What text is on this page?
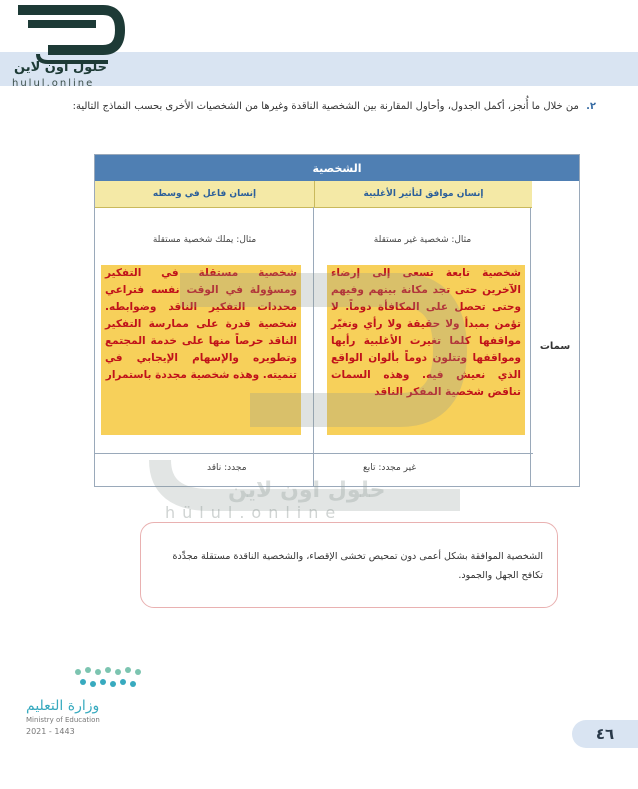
حلول اون لاين
hulul.online
٢. من خلال ما أُنجز، أكمل الجدول، وأحاول المقارنة بين الشخصية الناقدة وغيرها من الشخصيات الأخرى بحسب النماذج التالية:
الشخصية
سمات
إنسان موافق لتأثير الأغلبية
إنسان فاعل في وسطه
مثال: شخصية غير مستقلة
مثال: يملك شخصية مستقلة
شخصية تابعة تسعى إلى إرضاء الآخرين حتى تجد مكانة بينهم وفيهم وحتى تحصل على المكافأة دوماً. لا تؤمن بمبدأ ولا حقيقة ولا رأي وتغيّر مواقفها كلما تغيرت الأغلبية رأيها ومواقفها وتتلون دوماً بألوان الواقع الذي نعيش فيه. وهذه السمات تناقض شخصية المفكر الناقد
شخصية مستقلة في التفكير ومسؤولة في الوقت نفسه فتراعي محددات التفكير الناقد وضوابطه. شخصية قدرة على ممارسة التفكير الناقد حرصاً منها على خدمة المجتمع وتطويره والإسهام الإيجابي في تنميته. وهذه شخصية مجددة باستمرار
غير مجدد: تابع
مجدد: ناقد
حلول اون لاين
hülul.online
الشخصية الموافقة بشكل أعمى دون تمحيص تخشى الإقصاء، والشخصية الناقدة مستقلة مجدِّدة تكافح الجهل والجمود.
وزارة التعليم
Ministry of Education
2021 - 1443	٤٦
